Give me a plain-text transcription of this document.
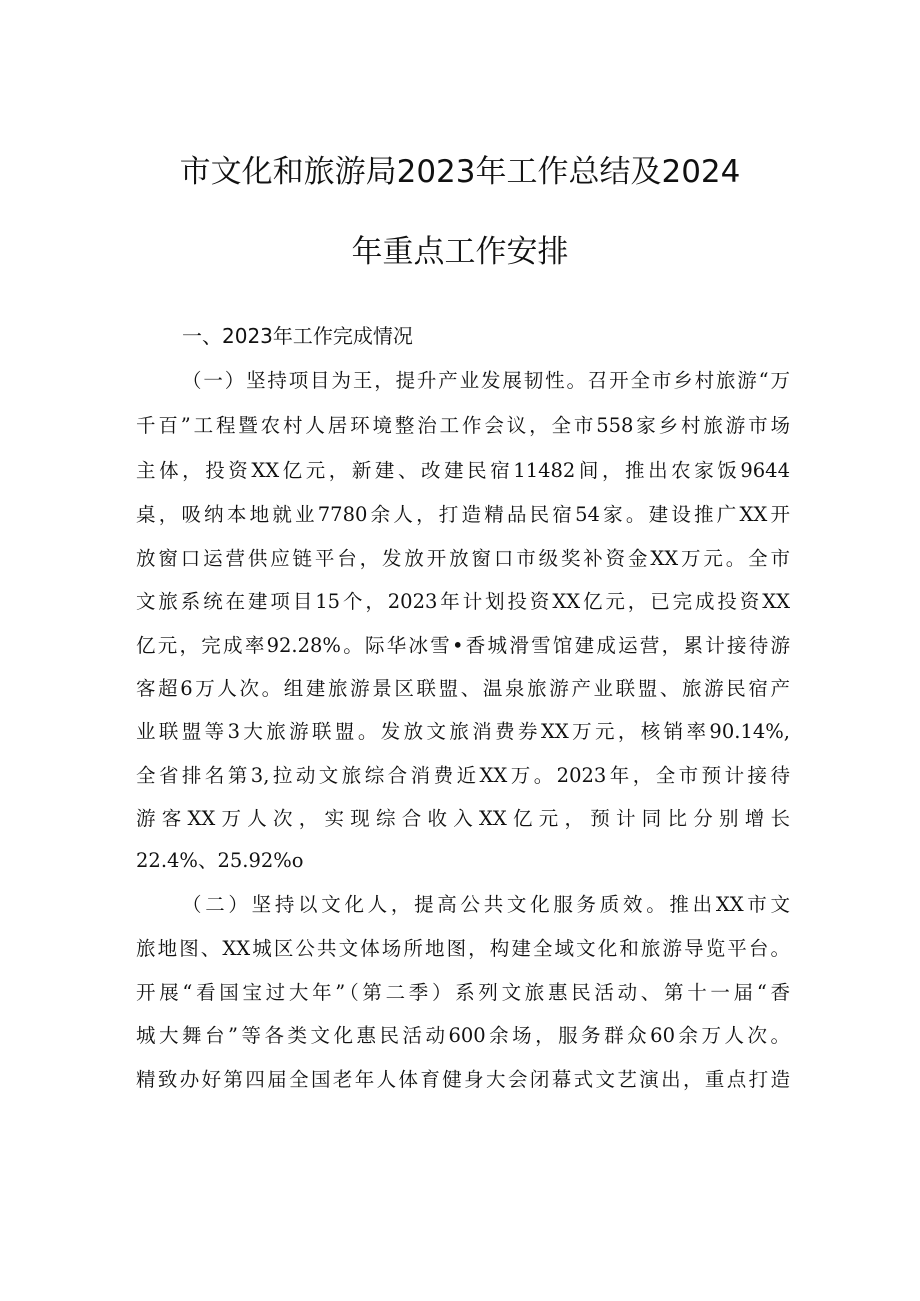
市文化和旅游局2023年工作总结及2024
年重点工作安排
一、2023年工作完成情况
（一）坚持项目为王，提升产业发展韧性。召开全市乡村旅游“万
千百”工程暨农村人居环境整治工作会议，全市558家乡村旅游市场
主体，投资XX亿元，新建、改建民宿11482间，推出农家饭9644
桌，吸纳本地就业7780余人，打造精品民宿54家。建设推广XX开
放窗口运营供应链平台，发放开放窗口市级奖补资金XX万元。全市
文旅系统在建项目15个，2023年计划投资XX亿元，已完成投资XX
亿元，完成率92.28%。际华冰雪•香城滑雪馆建成运营，累计接待游
客超6万人次。组建旅游景区联盟、温泉旅游产业联盟、旅游民宿产
业联盟等3大旅游联盟。发放文旅消费券XX万元，核销率90.14%,
全省排名第3,拉动文旅综合消费近XX万。2023年，全市预计接待
游客XX万人次，实现综合收入XX亿元，预计同比分别增长
22.4%、25.92%o
（二）坚持以文化人，提高公共文化服务质效。推出XX市文
旅地图、XX城区公共文体场所地图，构建全域文化和旅游导览平台。
开展“看国宝过大年”（第二季）系列文旅惠民活动、第十一届“香
城大舞台”等各类文化惠民活动600余场，服务群众60余万人次。
精致办好第四届全国老年人体育健身大会闭幕式文艺演出，重点打造
